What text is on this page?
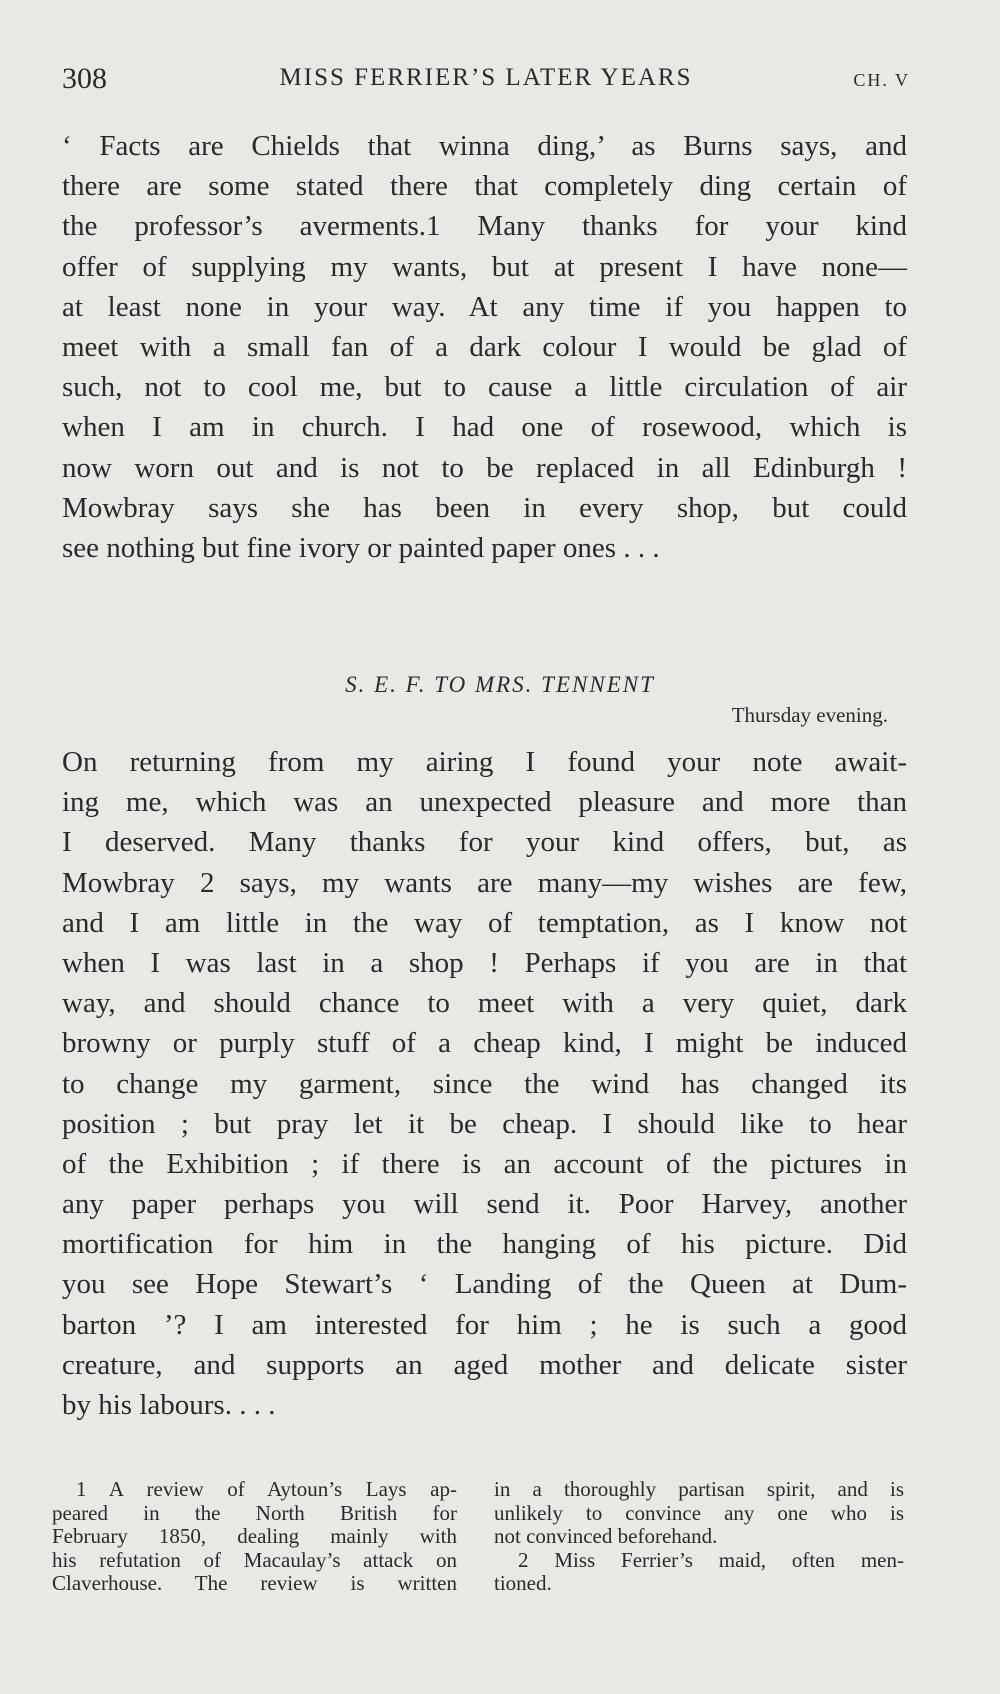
308	MISS FERRIER’S LATER YEARS	CH. V
‘ Facts are Chields that winna ding,’ as Burns says, and
there are some stated there that completely ding certain of
the professor’s averments.1 Many thanks for your kind
offer of supplying my wants, but at present I have none—
at least none in your way. At any time if you happen to
meet with a small fan of a dark colour I would be glad of
such, not to cool me, but to cause a little circulation of air
when I am in church. I had one of rosewood, which is
now worn out and is not to be replaced in all Edinburgh !
Mowbray says she has been in every shop, but could
see nothing but fine ivory or painted paper ones . . .
S. E. F. TO MRS. TENNENT
Thursday evening.
On returning from my airing I found your note await-
ing me, which was an unexpected pleasure and more than
I deserved. Many thanks for your kind offers, but, as
Mowbray 2 says, my wants are many—my wishes are few,
and I am little in the way of temptation, as I know not
when I was last in a shop ! Perhaps if you are in that
way, and should chance to meet with a very quiet, dark
browny or purply stuff of a cheap kind, I might be induced
to change my garment, since the wind has changed its
position ; but pray let it be cheap. I should like to hear
of the Exhibition ; if there is an account of the pictures in
any paper perhaps you will send it. Poor Harvey, another
mortification for him in the hanging of his picture. Did
you see Hope Stewart’s ‘ Landing of the Queen at Dum-
barton ’? I am interested for him ; he is such a good
creature, and supports an aged mother and delicate sister
by his labours. . . .
1 A review of Aytoun’s Lays ap-
peared in the North British for
February 1850, dealing mainly with
his refutation of Macaulay’s attack on
Claverhouse. The review is written
in a thoroughly partisan spirit, and is
unlikely to convince any one who is
not convinced beforehand.
2 Miss Ferrier’s maid, often men-
tioned.
